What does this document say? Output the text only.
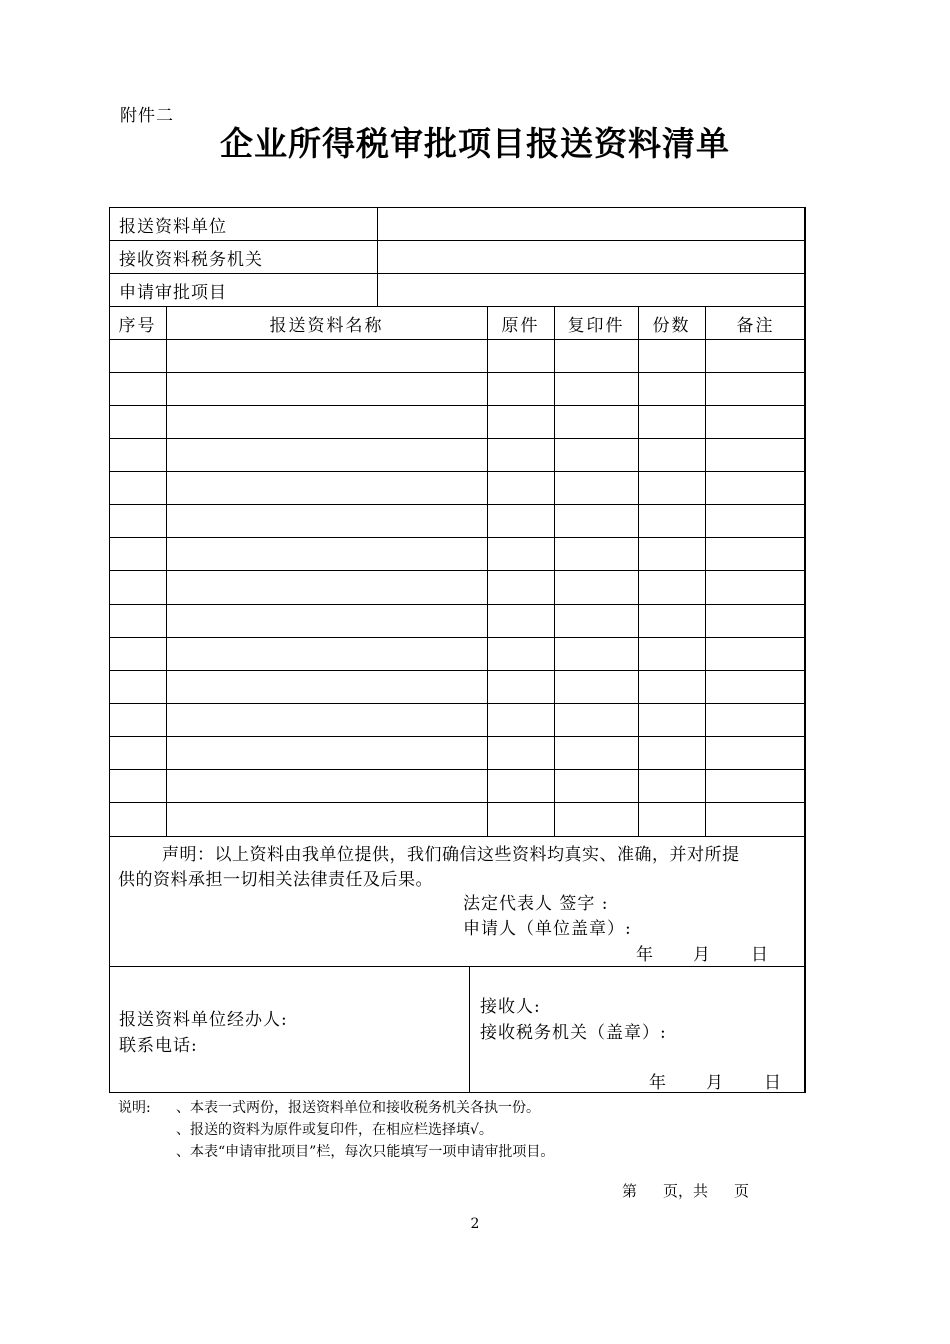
附件二
企业所得税审批项目报送资料清单
报送资料单位
接收资料税务机关
申请审批项目
序号	报送资料名称	原件	复印件	份数	备注
声明：以上资料由我单位提供，我们确信这些资料均真实、准确，并对所提
供的资料承担一切相关法律责任及后果。
法定代表人 签字 :
申请人（单位盖章）:
年 月 日
报送资料单位经办人:
联系电话:
接收人:
接收税务机关（盖章）:
年 月 日
说明: 、本表一式两份，报送资料单位和接收税务机关各执一份。
、报送的资料为原件或复印件，在相应栏选择填√。
、本表“申请审批项目”栏，每次只能填写一项申请审批项目。
第 页，共 页
2
